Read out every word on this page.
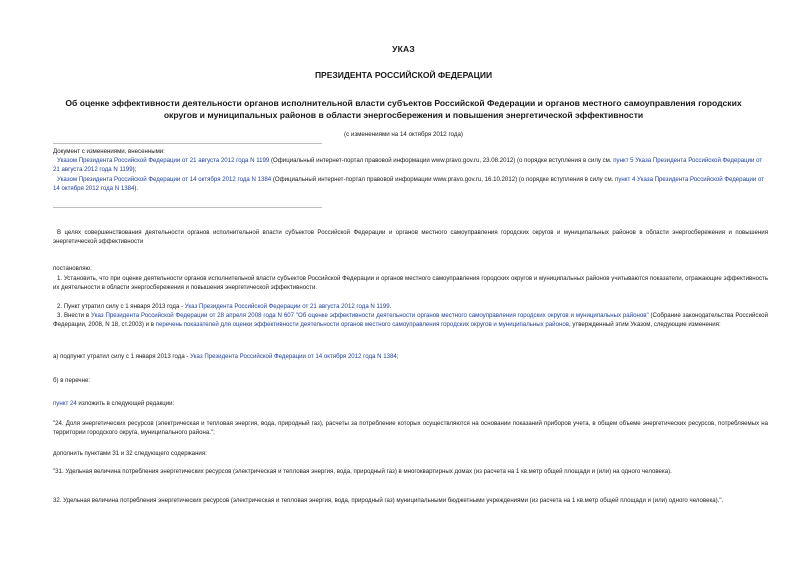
УКАЗ
ПРЕЗИДЕНТА РОССИЙСКОЙ ФЕДЕРАЦИИ
Об оценке эффективности деятельности органов исполнительной власти субъектов Российской Федерации и органов местного самоуправления городских
округов и муниципальных районов в области энергосбережения и повышения энергетической эффективности
(с изменениями на 14 октября 2012 года)
Документ с изменениями, внесенными:
Указом Президента Российской Федерации от 21 августа 2012 года N 1199 (Официальный интернет-портал правовой информации www.pravo.gov.ru, 23.08.2012) (о порядке вступления в силу см. пункт 5 Указа Президента Российской Федерации от 21 августа 2012 года N 1199);
Указом Президента Российской Федерации от 14 октября 2012 года N 1384 (Официальный интернет-портал правовой информации www.pravo.gov.ru, 16.10.2012) (о порядке вступления в силу см. пункт 4 Указа Президента Российской Федерации от 14 октября 2012 года N 1384).
В целях совершенствования деятельности органов исполнительной власти субъектов Российской Федерации и органов местного самоуправления городских округов и муниципальных районов в области энергосбережения и повышения энергетической эффективности
постановляю:
1. Установить, что при оценке деятельности органов исполнительной власти субъектов Российской Федерации и органов местного самоуправления городских округов и муниципальных районов учитываются показатели, отражающие эффективность их деятельности в области энергосбережения и повышения энергетической эффективности.
2. Пункт утратил силу с 1 января 2013 года - Указ Президента Российской Федерации от 21 августа 2012 года N 1199.
3. Внести в Указ Президента Российской Федерации от 28 апреля 2008 года N 607 "Об оценке эффективности деятельности органов местного самоуправления городских округов и муниципальных районов" (Собрание законодательства Российской Федерации, 2008, N 18, ст.2003) и в перечень показателей для оценки эффективности деятельности органов местного самоуправления городских округов и муниципальных районов, утвержденный этим Указом, следующие изменения:
а) подпункт утратил силу с 1 января 2013 года - Указ Президента Российской Федерации от 14 октября 2012 года N 1384;
б) в перечне:
пункт 24 изложить в следующей редакции:
"24. Доля энергетических ресурсов (электрическая и тепловая энергия, вода, природный газ), расчеты за потребление которых осуществляются на основании показаний приборов учета, в общем объеме энергетических ресурсов, потребляемых на территории городского округа, муниципального района.";
дополнить пунктами 31 и 32 следующего содержания:
"31. Удельная величина потребления энергетических ресурсов (электрическая и тепловая энергия, вода, природный газ) в многоквартирных домах (из расчета на 1 кв.метр общей площади и (или) на одного человека).
32. Удельная величина потребления энергетических ресурсов (электрическая и тепловая энергия, вода, природный газ) муниципальными бюджетными учреждениями (из расчета на 1 кв.метр общей площади и (или) одного человека).".
